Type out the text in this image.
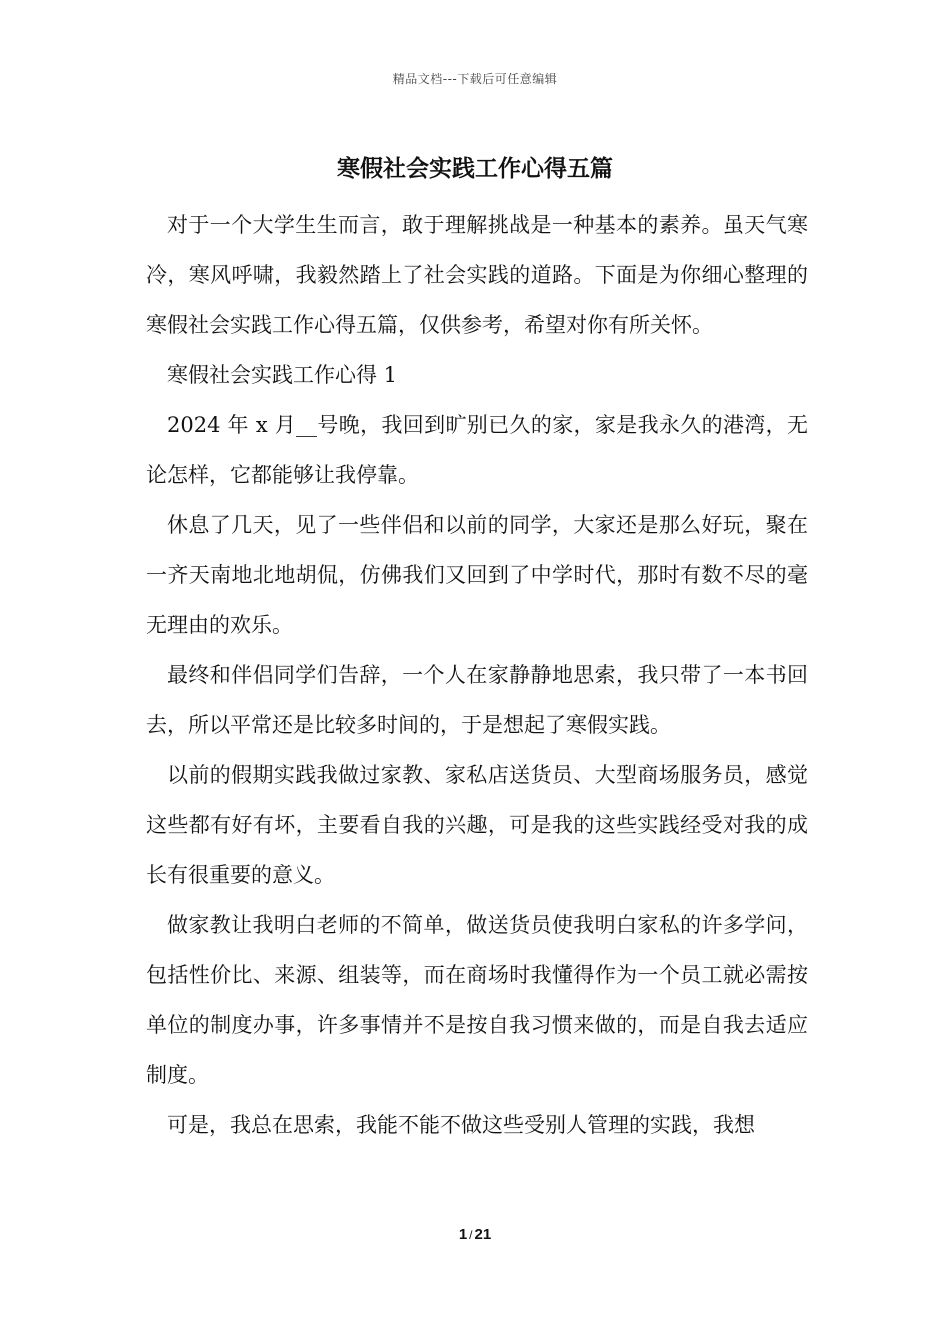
精品文档---下载后可任意编辑
寒假社会实践工作心得五篇

对于一个大学生生而言，敢于理解挑战是一种基本的素养。虽天气寒冷，寒风呼啸，我毅然踏上了社会实践的道路。下面是为你细心整理的寒假社会实践工作心得五篇，仅供参考，希望对你有所关怀。

寒假社会实践工作心得 1

2024 年 x 月__号晚，我回到旷别已久的家，家是我永久的港湾，无论怎样，它都能够让我停靠。

休息了几天，见了一些伴侣和以前的同学，大家还是那么好玩，聚在一齐天南地北地胡侃，仿佛我们又回到了中学时代，那时有数不尽的毫无理由的欢乐。

最终和伴侣同学们告辞，一个人在家静静地思索，我只带了一本书回去，所以平常还是比较多时间的，于是想起了寒假实践。

以前的假期实践我做过家教、家私店送货员、大型商场服务员，感觉这些都有好有坏，主要看自我的兴趣，可是我的这些实践经受对我的成长有很重要的意义。

做家教让我明白老师的不简单，做送货员使我明白家私的许多学问，包括性价比、来源、组装等，而在商场时我懂得作为一个员工就必需按单位的制度办事，许多事情并不是按自我习惯来做的，而是自我去适应制度。

可是，我总在思索，我能不能不做这些受别人管理的实践，我想

1 / 21
